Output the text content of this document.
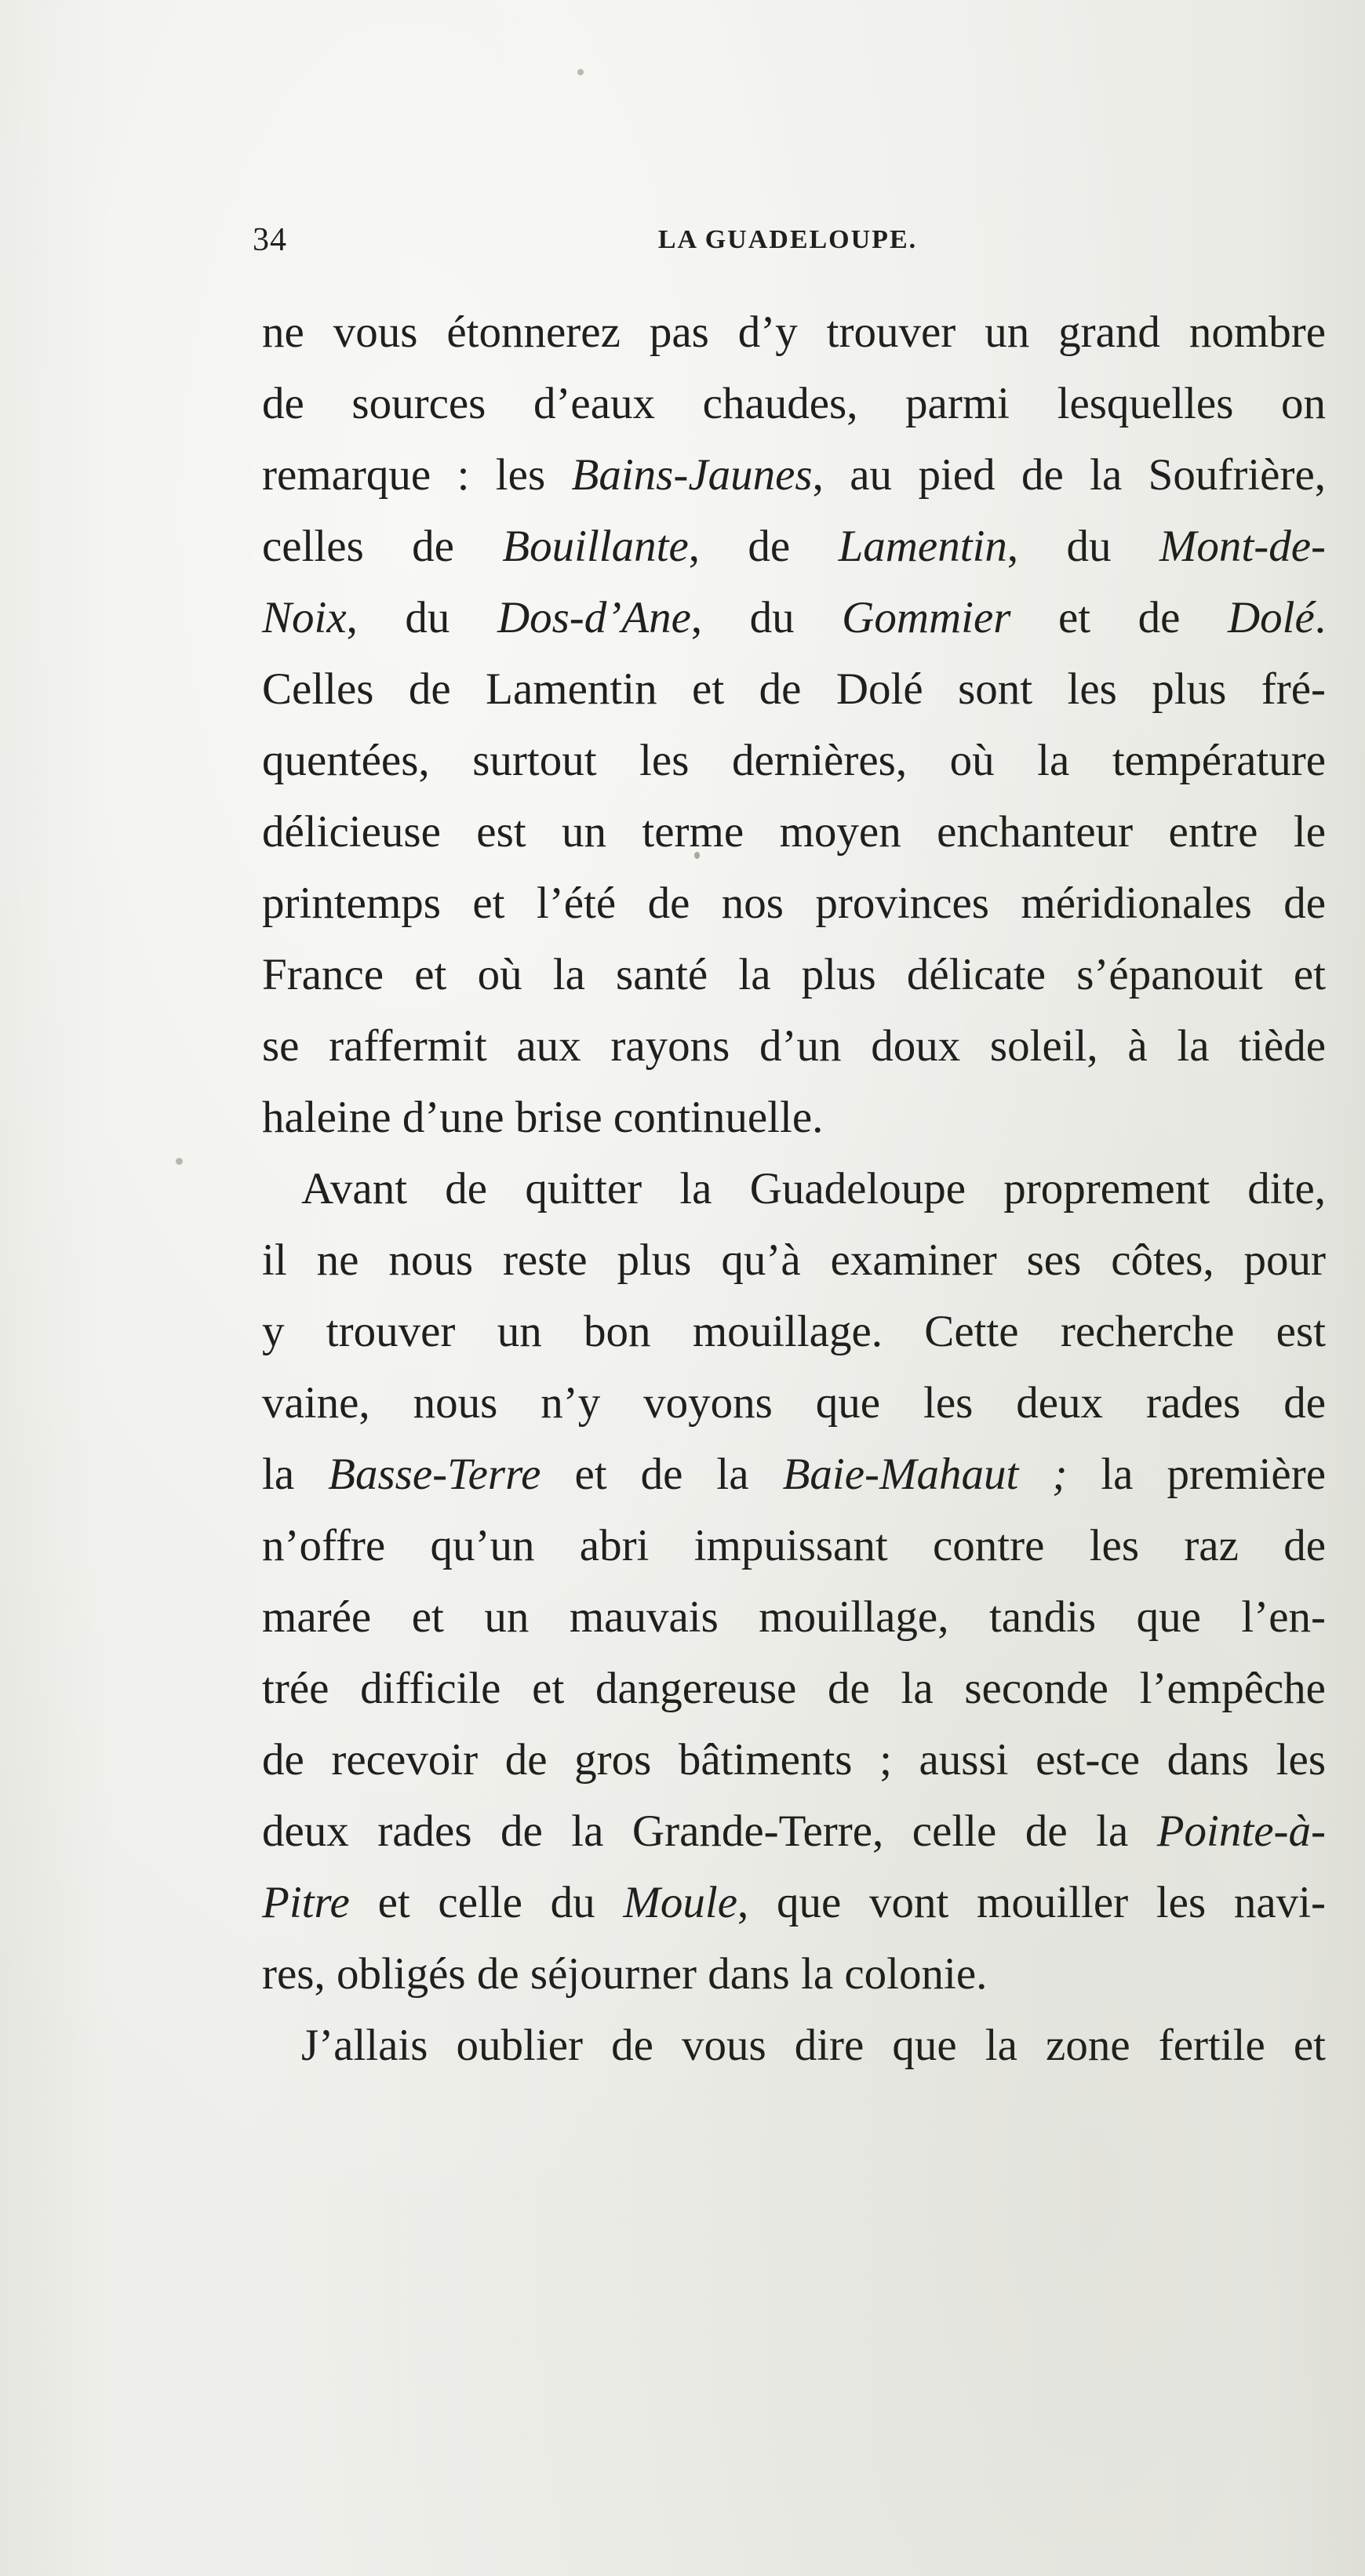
34	LA GUADELOUPE.
ne vous étonnerez pas d’y trouver un grand nombre
de sources d’eaux chaudes, parmi lesquelles on
remarque : les Bains-Jaunes, au pied de la Soufrière,
celles de Bouillante, de Lamentin, du Mont-de-
Noix, du Dos-d’Ane, du Gommier et de Dolé.
Celles de Lamentin et de Dolé sont les plus fré-
quentées, surtout les dernières, où la température
délicieuse est un terme moyen enchanteur entre le
printemps et l’été de nos provinces méridionales de
France et où la santé la plus délicate s’épanouit et
se raffermit aux rayons d’un doux soleil, à la tiède
haleine d’une brise continuelle.
Avant de quitter la Guadeloupe proprement dite,
il ne nous reste plus qu’à examiner ses côtes, pour
y trouver un bon mouillage. Cette recherche est
vaine, nous n’y voyons que les deux rades de
la Basse-Terre et de la Baie-Mahaut ; la première
n’offre qu’un abri impuissant contre les raz de
marée et un mauvais mouillage, tandis que l’en-
trée difficile et dangereuse de la seconde l’empêche
de recevoir de gros bâtiments ; aussi est-ce dans les
deux rades de la Grande-Terre, celle de la Pointe-à-
Pitre et celle du Moule, que vont mouiller les navi-
res, obligés de séjourner dans la colonie.
J’allais oublier de vous dire que la zone fertile et
